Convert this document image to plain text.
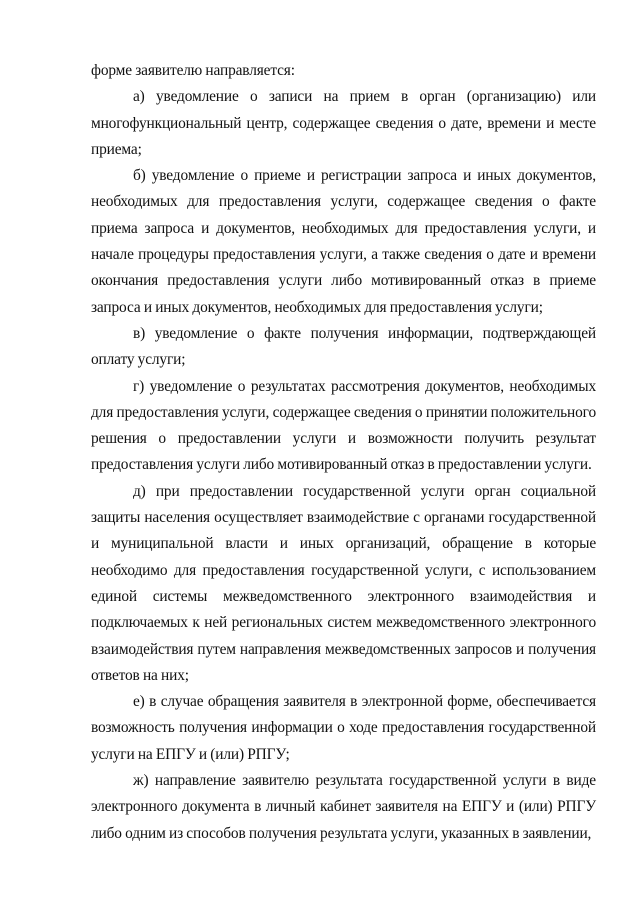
форме заявителю направляется:

а) уведомление о записи на прием в орган (организацию) или многофункциональный центр, содержащее сведения о дате, времени и месте приема;

б) уведомление о приеме и регистрации запроса и иных документов, необходимых для предоставления услуги, содержащее сведения о факте приема запроса и документов, необходимых для предоставления услуги, и начале процедуры предоставления услуги, а также сведения о дате и времени окончания предоставления услуги либо мотивированный отказ в приеме запроса и иных документов, необходимых для предоставления услуги;

в) уведомление о факте получения информации, подтверждающей оплату услуги;

г) уведомление о результатах рассмотрения документов, необходимых для предоставления услуги, содержащее сведения о принятии положительного решения о предоставлении услуги и возможности получить результат предоставления услуги либо мотивированный отказ в предоставлении услуги.

д) при предоставлении государственной услуги орган социальной защиты населения осуществляет взаимодействие с органами государственной и муниципальной власти и иных организаций, обращение в которые необходимо для предоставления государственной услуги, с использованием единой системы межведомственного электронного взаимодействия и подключаемых к ней региональных систем межведомственного электронного взаимодействия путем направления межведомственных запросов и получения ответов на них;

е) в случае обращения заявителя в электронной форме, обеспечивается возможность получения информации о ходе предоставления государственной услуги на ЕПГУ и (или) РПГУ;

ж) направление заявителю результата государственной услуги в виде электронного документа в личный кабинет заявителя на ЕПГУ и (или) РПГУ либо одним из способов получения результата услуги, указанных в заявлении,
